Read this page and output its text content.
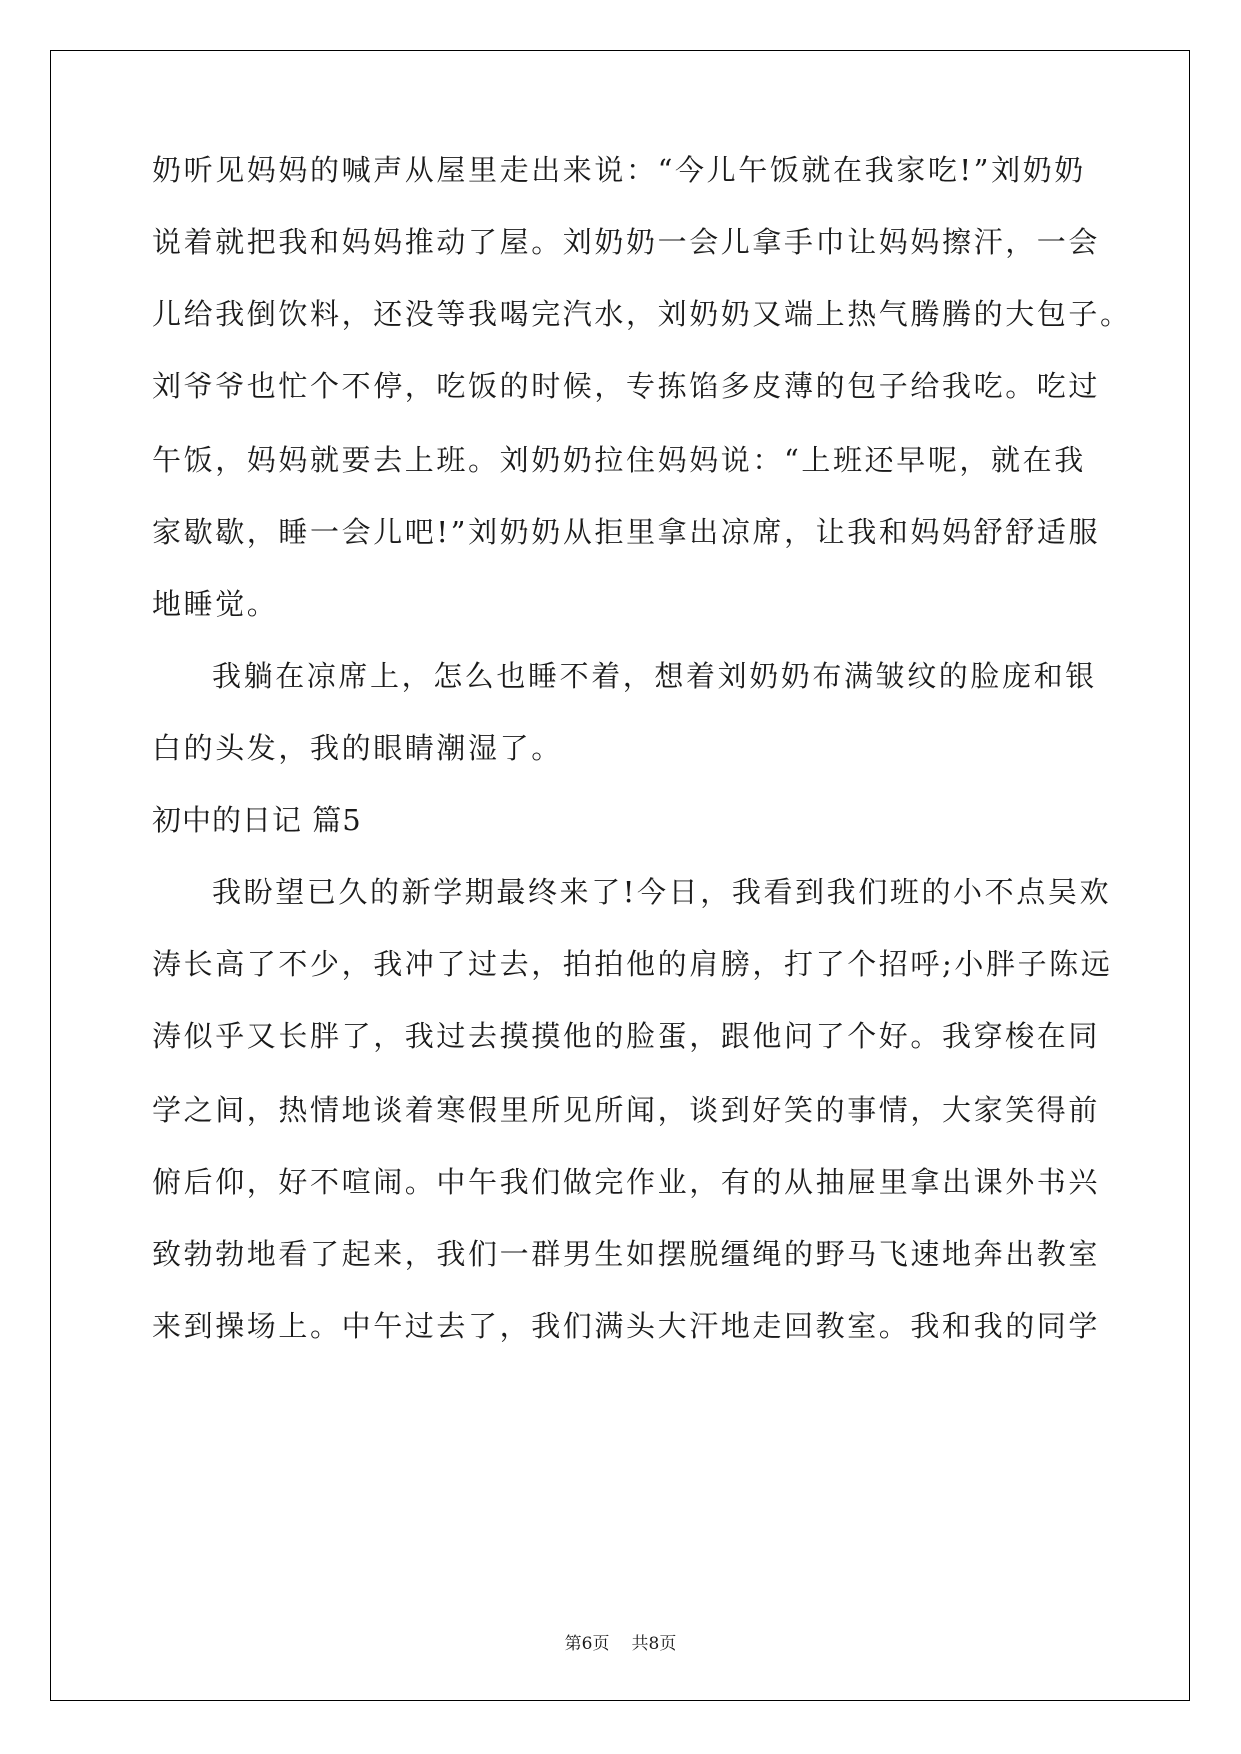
奶听见妈妈的喊声从屋里走出来说：“今儿午饭就在我家吃!”刘奶奶
说着就把我和妈妈推动了屋。刘奶奶一会儿拿手巾让妈妈擦汗，一会
儿给我倒饮料，还没等我喝完汽水，刘奶奶又端上热气腾腾的大包子。
刘爷爷也忙个不停，吃饭的时候，专拣馅多皮薄的包子给我吃。吃过
午饭，妈妈就要去上班。刘奶奶拉住妈妈说：“上班还早呢，就在我
家歇歇，睡一会儿吧!”刘奶奶从拒里拿出凉席，让我和妈妈舒舒适服
地睡觉。
我躺在凉席上，怎么也睡不着，想着刘奶奶布满皱纹的脸庞和银
白的头发，我的眼睛潮湿了。
初中的日记 篇5
我盼望已久的新学期最终来了!今日，我看到我们班的小不点吴欢
涛长高了不少，我冲了过去，拍拍他的肩膀，打了个招呼;小胖子陈远
涛似乎又长胖了，我过去摸摸他的脸蛋，跟他问了个好。我穿梭在同
学之间，热情地谈着寒假里所见所闻，谈到好笑的事情，大家笑得前
俯后仰，好不喧闹。中午我们做完作业，有的从抽屉里拿出课外书兴
致勃勃地看了起来，我们一群男生如摆脱缰绳的野马飞速地奔出教室
来到操场上。中午过去了，我们满头大汗地走回教室。我和我的同学
第6页 共8页
